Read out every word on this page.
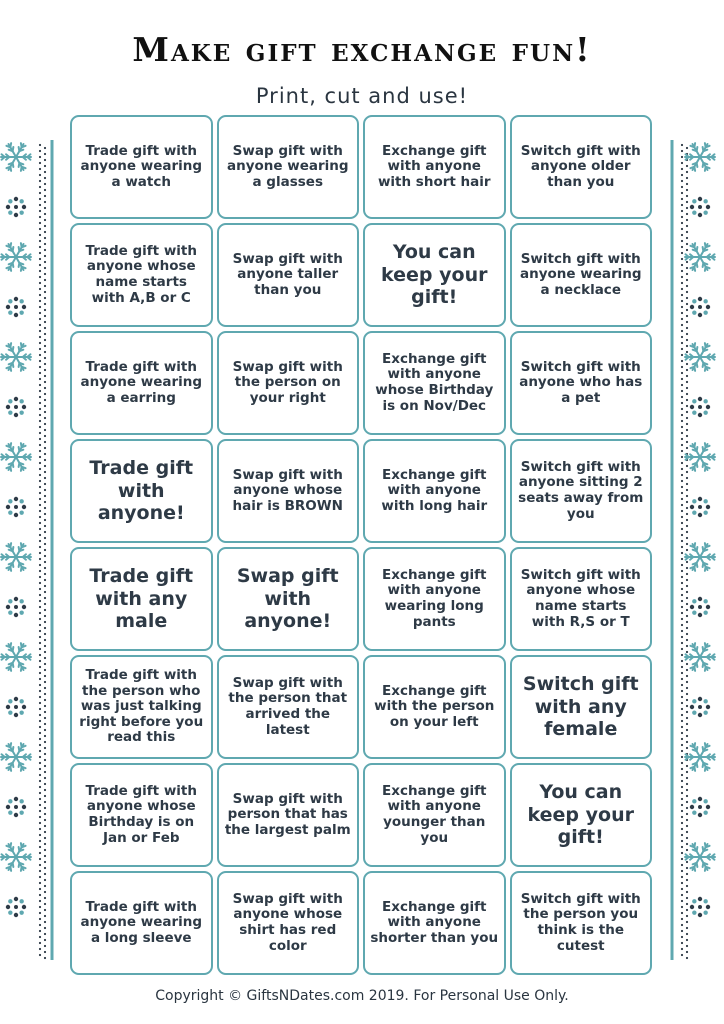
Make gift exchange fun!
Print, cut and use!
Trade gift with anyone wearing a watch
Swap gift with anyone wearing a glasses
Exchange gift with anyone with short hair
Switch gift with anyone older than you
Trade gift with anyone whose name starts with A,B or C
Swap gift with anyone taller than you
You can keep your gift!
Switch gift with anyone wearing a necklace
Trade gift with anyone wearing a earring
Swap gift with the person on your right
Exchange gift with anyone whose Birthday is on Nov/Dec
Switch gift with anyone who has a pet
Trade gift with anyone!
Swap gift with anyone whose hair is BROWN
Exchange gift with anyone with long hair
Switch gift with anyone sitting 2 seats away from you
Trade gift with any male
Swap gift with anyone!
Exchange gift with anyone wearing long pants
Switch gift with anyone whose name starts with R,S or T
Trade gift with the person who was just talking right before you read this
Swap gift with the person that arrived the latest
Exchange gift with the person on your left
Switch gift with any female
Trade gift with anyone whose Birthday is on Jan or Feb
Swap gift with person that has the largest palm
Exchange gift with anyone younger than you
You can keep your gift!
Trade gift with anyone wearing a long sleeve
Swap gift with anyone whose shirt has red color
Exchange gift with anyone shorter than you
Switch gift with the person you think is the cutest
Copyright © GiftsNDates.com 2019. For Personal Use Only.
